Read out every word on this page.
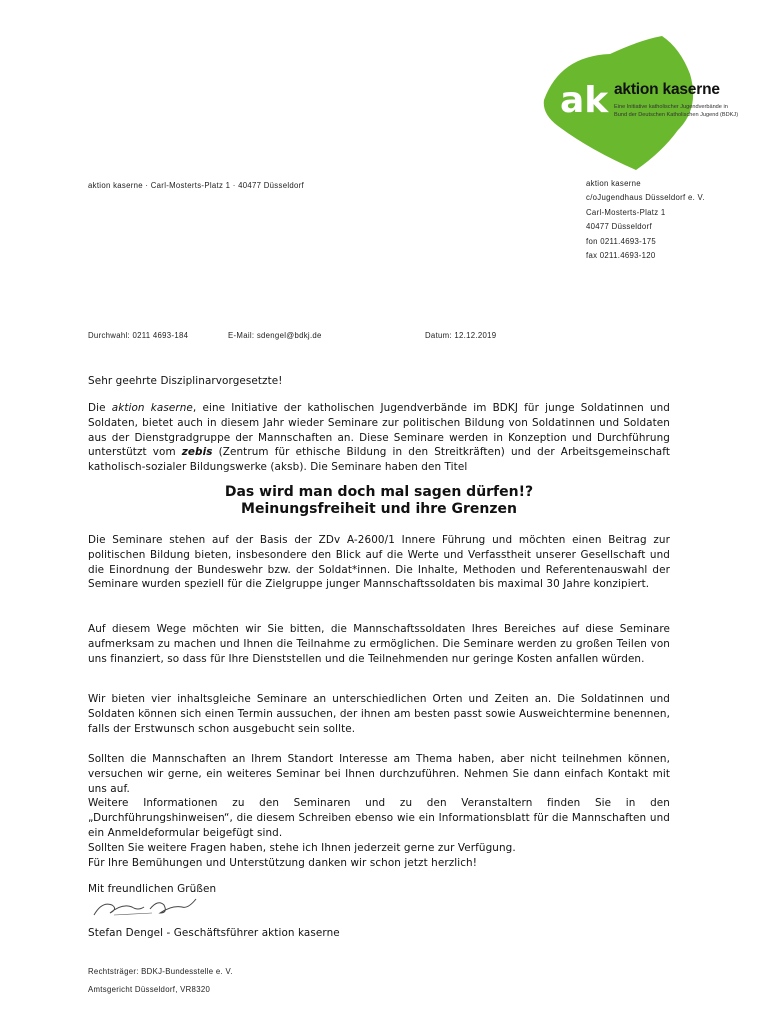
ak aktion kaserne
Eine Initiative katholischer Jugendverbände in
Bund der Deutschen Katholischen Jugend (BDKJ)
aktion kaserne · Carl-Mosterts-Platz 1 · 40477 Düsseldorf	aktion kaserne
c/oJugendhaus Düsseldorf e. V.
Carl-Mosterts-Platz 1
40477 Düsseldorf
fon 0211.4693-175
fax 0211.4693-120
Durchwahl: 0211 4693-184	E-Mail: sdengel@bdkj.de	Datum: 12.12.2019
Sehr geehrte Disziplinarvorgesetzte!
Die aktion kaserne, eine Initiative der katholischen Jugendverbände im BDKJ für junge Soldatinnen und Soldaten, bietet auch in diesem Jahr wieder Seminare zur politischen Bildung von Soldatinnen und Soldaten aus der Dienstgradgruppe der Mannschaften an. Diese Seminare werden in Konzeption und Durchführung unterstützt vom zebis (Zentrum für ethische Bildung in den Streitkräften) und der Arbeitsgemeinschaft katholisch-sozialer Bildungswerke (aksb). Die Seminare haben den Titel
Das wird man doch mal sagen dürfen!?
Meinungsfreiheit und ihre Grenzen
Die Seminare stehen auf der Basis der ZDv A-2600/1 Innere Führung und möchten einen Beitrag zur politischen Bildung bieten, insbesondere den Blick auf die Werte und Verfasstheit unserer Gesellschaft und die Einordnung der Bundeswehr bzw. der Soldat*innen. Die Inhalte, Methoden und Referentenauswahl der Seminare wurden speziell für die Zielgruppe junger Mannschaftssoldaten bis maximal 30 Jahre konzipiert.
Auf diesem Wege möchten wir Sie bitten, die Mannschaftssoldaten Ihres Bereiches auf diese Seminare aufmerksam zu machen und Ihnen die Teilnahme zu ermöglichen. Die Seminare werden zu großen Teilen von uns finanziert, so dass für Ihre Dienststellen und die Teilnehmenden nur geringe Kosten anfallen würden.
Wir bieten vier inhaltsgleiche Seminare an unterschiedlichen Orten und Zeiten an. Die Soldatinnen und Soldaten können sich einen Termin aussuchen, der ihnen am besten passt sowie Ausweichtermine benennen, falls der Erstwunsch schon ausgebucht sein sollte.

Sollten die Mannschaften an Ihrem Standort Interesse am Thema haben, aber nicht teilnehmen können, versuchen wir gerne, ein weiteres Seminar bei Ihnen durchzuführen. Nehmen Sie dann einfach Kontakt mit uns auf.

Weitere Informationen zu den Seminaren und zu den Veranstaltern finden Sie in den „Durchführungshinweisen“, die diesem Schreiben ebenso wie ein Informationsblatt für die Mannschaften und ein Anmeldeformular beigefügt sind.

Sollten Sie weitere Fragen haben, stehe ich Ihnen jederzeit gerne zur Verfügung.

Für Ihre Bemühungen und Unterstützung danken wir schon jetzt herzlich!

Mit freundlichen Grüßen
Stefan Dengel - Geschäftsführer aktion kaserne
Rechtsträger: BDKJ-Bundesstelle e. V.
Amtsgericht Düsseldorf, VR8320
